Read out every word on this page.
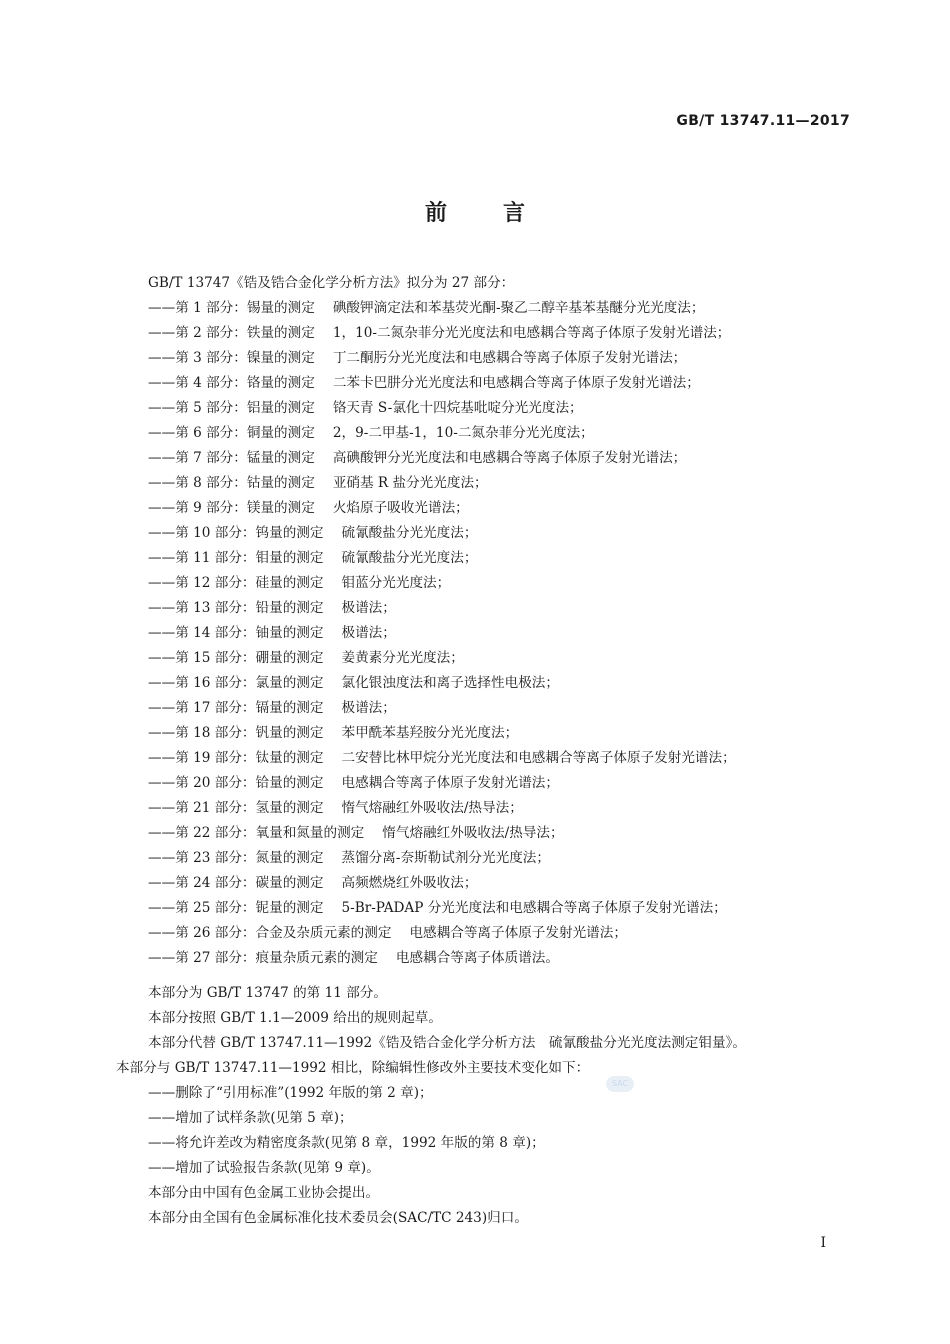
GB/T 13747.11—2017
前言
GB/T 13747《锆及锆合金化学分析方法》拟分为 27 部分：
——第 1 部分：锡量的测定 碘酸钾滴定法和苯基荧光酮-聚乙二醇辛基苯基醚分光光度法；
——第 2 部分：铁量的测定 1，10-二氮杂菲分光光度法和电感耦合等离子体原子发射光谱法；
——第 3 部分：镍量的测定 丁二酮肟分光光度法和电感耦合等离子体原子发射光谱法；
——第 4 部分：铬量的测定 二苯卡巴肼分光光度法和电感耦合等离子体原子发射光谱法；
——第 5 部分：铝量的测定 铬天青 S-氯化十四烷基吡啶分光光度法；
——第 6 部分：铜量的测定 2，9-二甲基-1，10-二氮杂菲分光光度法；
——第 7 部分：锰量的测定 高碘酸钾分光光度法和电感耦合等离子体原子发射光谱法；
——第 8 部分：钴量的测定 亚硝基 R 盐分光光度法；
——第 9 部分：镁量的测定 火焰原子吸收光谱法；
——第 10 部分：钨量的测定 硫氰酸盐分光光度法；
——第 11 部分：钼量的测定 硫氰酸盐分光光度法；
——第 12 部分：硅量的测定 钼蓝分光光度法；
——第 13 部分：铅量的测定 极谱法；
——第 14 部分：铀量的测定 极谱法；
——第 15 部分：硼量的测定 姜黄素分光光度法；
——第 16 部分：氯量的测定 氯化银浊度法和离子选择性电极法；
——第 17 部分：镉量的测定 极谱法；
——第 18 部分：钒量的测定 苯甲酰苯基羟胺分光光度法；
——第 19 部分：钛量的测定 二安替比林甲烷分光光度法和电感耦合等离子体原子发射光谱法；
——第 20 部分：铪量的测定 电感耦合等离子体原子发射光谱法；
——第 21 部分：氢量的测定 惰气熔融红外吸收法/热导法；
——第 22 部分：氧量和氮量的测定 惰气熔融红外吸收法/热导法；
——第 23 部分：氮量的测定 蒸馏分离-奈斯勒试剂分光光度法；
——第 24 部分：碳量的测定 高频燃烧红外吸收法；
——第 25 部分：铌量的测定 5-Br-PADAP 分光光度法和电感耦合等离子体原子发射光谱法；
——第 26 部分：合金及杂质元素的测定 电感耦合等离子体原子发射光谱法；
——第 27 部分：痕量杂质元素的测定 电感耦合等离子体质谱法。
本部分为 GB/T 13747 的第 11 部分。
本部分按照 GB/T 1.1—2009 给出的规则起草。
本部分代替 GB/T 13747.11—1992《锆及锆合金化学分析方法　硫氰酸盐分光光度法测定钼量》。
本部分与 GB/T 13747.11—1992 相比，除编辑性修改外主要技术变化如下：
——删除了“引用标准”(1992 年版的第 2 章)；
——增加了试样条款(见第 5 章)；
——将允许差改为精密度条款(见第 8 章，1992 年版的第 8 章)；
——增加了试验报告条款(见第 9 章)。
本部分由中国有色金属工业协会提出。
本部分由全国有色金属标准化技术委员会(SAC/TC 243)归口。
SAC
I
